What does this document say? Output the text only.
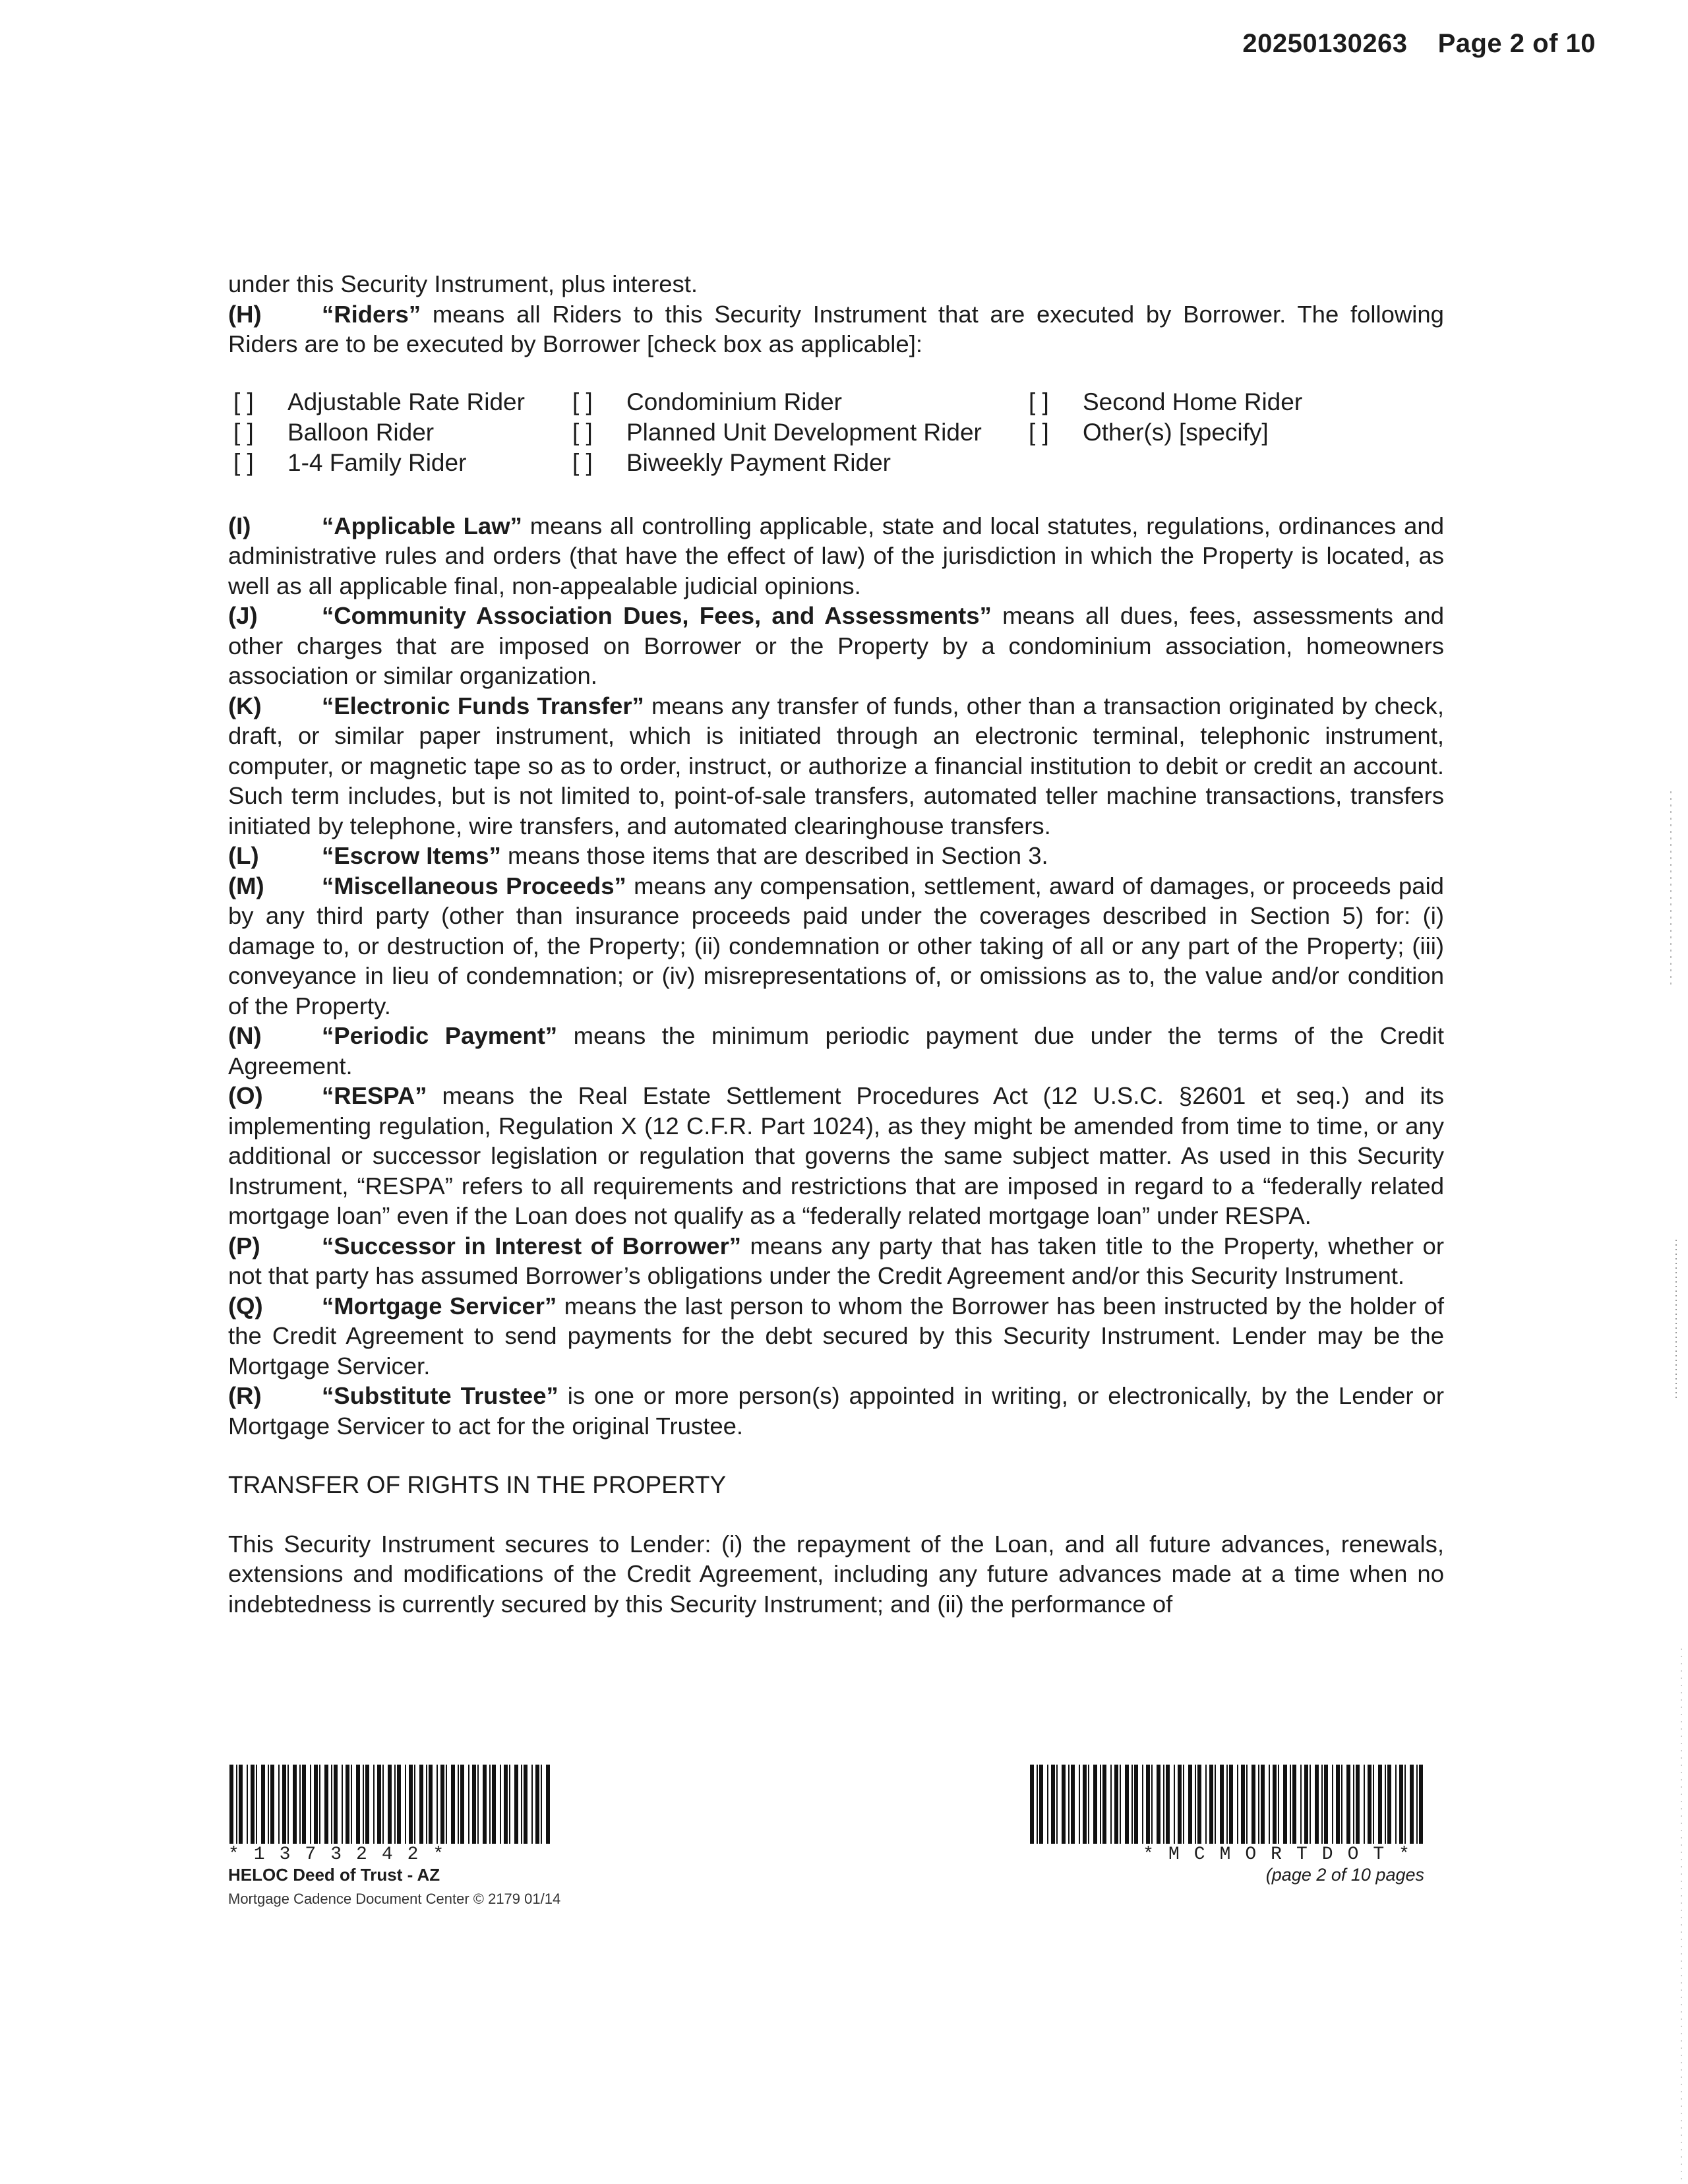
20250130263 Page 2 of 10

under this Security Instrument, plus interest.

(H)	“Riders” means all Riders to this Security Instrument that are executed by Borrower. The following Riders are to be executed by Borrower [check box as applicable]:

[ ] Adjustable Rate Rider [ ] Condominium Rider	[ ] Second Home Rider
[ ] Balloon Rider	[ ] Planned Unit Development Rider [ ] Other(s) [specify]
[ ] 1-4 Family Rider	[ ] Biweekly Payment Rider

(I)	“Applicable Law” means all controlling applicable, state and local statutes, regulations, ordinances and administrative rules and orders (that have the effect of law) of the jurisdiction in which the Property is located, as well as all applicable final, non-appealable judicial opinions.

(J)	“Community Association Dues, Fees, and Assessments” means all dues, fees, assessments and other charges that are imposed on Borrower or the Property by a condominium association, homeowners association or similar organization.

(K)	“Electronic Funds Transfer” means any transfer of funds, other than a transaction originated by check, draft, or similar paper instrument, which is initiated through an electronic terminal, telephonic instrument, computer, or magnetic tape so as to order, instruct, or authorize a financial institution to debit or credit an account. Such term includes, but is not limited to, point-of-sale transfers, automated teller machine transactions, transfers initiated by telephone, wire transfers, and automated clearinghouse transfers.

(L)	“Escrow Items” means those items that are described in Section 3.

(M) “Miscellaneous Proceeds” means any compensation, settlement, award of damages, or proceeds paid by any third party (other than insurance proceeds paid under the coverages described in Section 5) for: (i) damage to, or destruction of, the Property; (ii) condemnation or other taking of all or any part of the Property; (iii) conveyance in lieu of condemnation; or (iv) misrepresentations of, or omissions as to, the value and/or condition of the Property.

(N)	“Periodic Payment” means the minimum periodic payment due under the terms of the Credit Agreement.

(O) “RESPA” means the Real Estate Settlement Procedures Act (12 U.S.C. §2601 et seq.) and its implementing regulation, Regulation X (12 C.F.R. Part 1024), as they might be amended from time to time, or any additional or successor legislation or regulation that governs the same subject matter. As used in this Security Instrument, “RESPA” refers to all requirements and restrictions that are imposed in regard to a “federally related mortgage loan” even if the Loan does not qualify as a “federally related mortgage loan” under RESPA.

(P)	“Successor in Interest of Borrower” means any party that has taken title to the Property, whether or not that party has assumed Borrower’s obligations under the Credit Agreement and/or this Security Instrument.

(Q) “Mortgage Servicer” means the last person to whom the Borrower has been instructed by the holder of the Credit Agreement to send payments for the debt secured by this Security Instrument. Lender may be the Mortgage Servicer.

(R)	“Substitute Trustee” is one or more person(s) appointed in writing, or electronically, by the Lender or Mortgage Servicer to act for the original Trustee.

TRANSFER OF RIGHTS IN THE PROPERTY

This Security Instrument secures to Lender: (i) the repayment of the Loan, and all future advances, renewals, extensions and modifications of the Credit Agreement, including any future advances made at a time when no indebtedness is currently secured by this Security Instrument; and (ii) the performance of

*1373242*
HELOC Deed of Trust - AZ
Mortgage Cadence Document Center © 2179 01/14
*MCMORTDOT*
(page 2 of 10 pages
